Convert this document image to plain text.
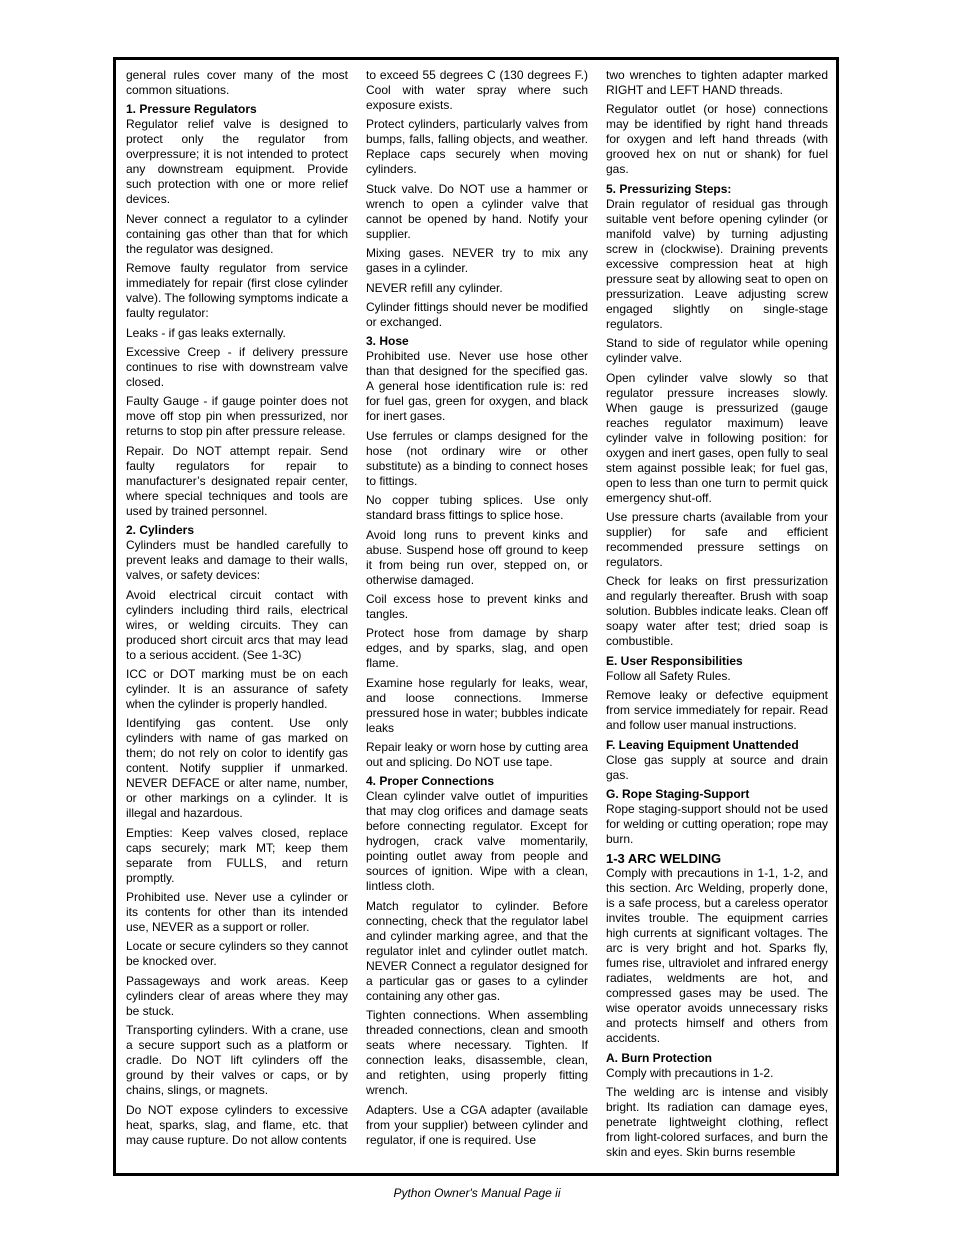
general rules cover many of the most common situations.

1. Pressure Regulators

Regulator relief valve is designed to protect only the regulator from overpressure; it is not intended to protect any downstream equipment. Provide such protection with one or more relief devices.

Never connect a regulator to a cylinder containing gas other than that for which the regulator was designed.

Remove faulty regulator from service immediately for repair (first close cylinder valve). The following symptoms indicate a faulty regulator:

Leaks - if gas leaks externally.

Excessive Creep - if delivery pressure continues to rise with downstream valve closed.

Faulty Gauge - if gauge pointer does not move off stop pin when pressurized, nor returns to stop pin after pressure release.

Repair. Do NOT attempt repair. Send faulty regulators for repair to manufacturer’s designated repair center, where special techniques and tools are used by trained personnel.

2. Cylinders

Cylinders must be handled carefully to prevent leaks and damage to their walls, valves, or safety devices:

Avoid electrical circuit contact with cylinders including third rails, electrical wires, or welding circuits. They can produced short circuit arcs that may lead to a serious accident. (See 1-3C)

ICC or DOT marking must be on each cylinder. It is an assurance of safety when the cylinder is properly handled.

Identifying gas content. Use only cylinders with name of gas marked on them; do not rely on color to identify gas content. Notify supplier if unmarked. NEVER DEFACE or alter name, number, or other markings on a cylinder. It is illegal and hazardous.

Empties: Keep valves closed, replace caps securely; mark MT; keep them separate from FULLS, and return promptly.

Prohibited use. Never use a cylinder or its contents for other than its intended use, NEVER as a support or roller.

Locate or secure cylinders so they cannot be knocked over.

Passageways and work areas. Keep cylinders clear of areas where they may be stuck.

Transporting cylinders. With a crane, use a secure support such as a platform or cradle. Do NOT lift cylinders off the ground by their valves or caps, or by chains, slings, or magnets.

Do NOT expose cylinders to excessive heat, sparks, slag, and flame, etc. that may cause rupture. Do not allow contents

to exceed 55 degrees C (130 degrees F.) Cool with water spray where such exposure exists.

Protect cylinders, particularly valves from bumps, falls, falling objects, and weather. Replace caps securely when moving cylinders.

Stuck valve. Do NOT use a hammer or wrench to open a cylinder valve that cannot be opened by hand. Notify your supplier.

Mixing gases. NEVER try to mix any gases in a cylinder.

NEVER refill any cylinder.

Cylinder fittings should never be modified or exchanged.

3. Hose

Prohibited use. Never use hose other than that designed for the specified gas. A general hose identification rule is: red for fuel gas, green for oxygen, and black for inert gases.

Use ferrules or clamps designed for the hose (not ordinary wire or other substitute) as a binding to connect hoses to fittings.

No copper tubing splices. Use only standard brass fittings to splice hose.

Avoid long runs to prevent kinks and abuse. Suspend hose off ground to keep it from being run over, stepped on, or otherwise damaged.

Coil excess hose to prevent kinks and tangles.

Protect hose from damage by sharp edges, and by sparks, slag, and open flame.

Examine hose regularly for leaks, wear, and loose connections. Immerse pressured hose in water; bubbles indicate leaks

Repair leaky or worn hose by cutting area out and splicing. Do NOT use tape.

4. Proper Connections

Clean cylinder valve outlet of impurities that may clog orifices and damage seats before connecting regulator. Except for hydrogen, crack valve momentarily, pointing outlet away from people and sources of ignition. Wipe with a clean, lintless cloth.

Match regulator to cylinder. Before connecting, check that the regulator label and cylinder marking agree, and that the regulator inlet and cylinder outlet match. NEVER Connect a regulator designed for a particular gas or gases to a cylinder containing any other gas.

Tighten connections. When assembling threaded connections, clean and smooth seats where necessary. Tighten. If connection leaks, disassemble, clean, and retighten, using properly fitting wrench.

Adapters. Use a CGA adapter (available from your supplier) between cylinder and regulator, if one is required. Use

two wrenches to tighten adapter marked RIGHT and LEFT HAND threads.

Regulator outlet (or hose) connections may be identified by right hand threads for oxygen and left hand threads (with grooved hex on nut or shank) for fuel gas.

5. Pressurizing Steps:

Drain regulator of residual gas through suitable vent before opening cylinder (or manifold valve) by turning adjusting screw in (clockwise). Draining prevents excessive compression heat at high pressure seat by allowing seat to open on pressurization. Leave adjusting screw engaged slightly on single-stage regulators.

Stand to side of regulator while opening cylinder valve.

Open cylinder valve slowly so that regulator pressure increases slowly. When gauge is pressurized (gauge reaches regulator maximum) leave cylinder valve in following position: for oxygen and inert gases, open fully to seal stem against possible leak; for fuel gas, open to less than one turn to permit quick emergency shut-off.

Use pressure charts (available from your supplier) for safe and efficient recommended pressure settings on regulators.

Check for leaks on first pressurization and regularly thereafter. Brush with soap solution. Bubbles indicate leaks. Clean off soapy water after test; dried soap is combustible.

E. User Responsibilities

Follow all Safety Rules.

Remove leaky or defective equipment from service immediately for repair. Read and follow user manual instructions.

F. Leaving Equipment Unattended

Close gas supply at source and drain gas.

G. Rope Staging-Support

Rope staging-support should not be used for welding or cutting operation; rope may burn.

1-3 ARC WELDING

Comply with precautions in 1-1, 1-2, and this section. Arc Welding, properly done, is a safe process, but a careless operator invites trouble. The equipment carries high currents at significant voltages. The arc is very bright and hot. Sparks fly, fumes rise, ultraviolet and infrared energy radiates, weldments are hot, and compressed gases may be used. The wise operator avoids unnecessary risks and protects himself and others from accidents.

A. Burn Protection

Comply with precautions in 1-2.

The welding arc is intense and visibly bright. Its radiation can damage eyes, penetrate lightweight clothing, reflect from light-colored surfaces, and burn the skin and eyes. Skin burns resemble

Python Owner's Manual Page ii
